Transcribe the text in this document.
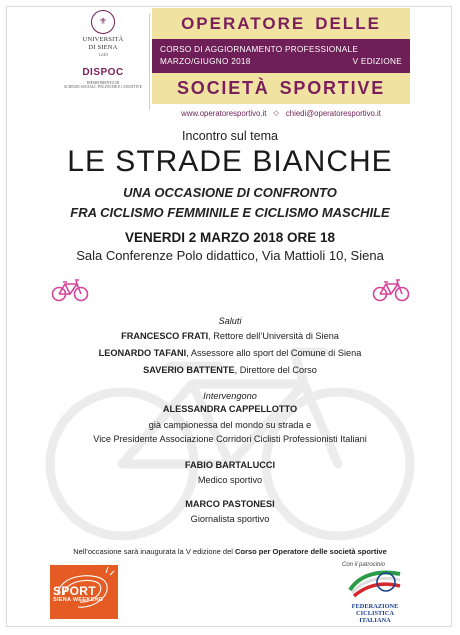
⚜
UNIVERSITÀ
DI SIENA
1240
DISPOC
DIPARTIMENTO DI
SCIENZE SOCIALI, POLITICHE E COGNITIVE
OPERATORE DELLE
CORSO DI AGGIORNAMENTO PROFESSIONALE
MARZO/GIUGNO 2018	V EDIZIONE
SOCIETÀ SPORTIVE
www.operatoresportivo.it ◇ chiedi@operatoresportivo.it
Incontro sul tema
LE STRADE BIANCHE
UNA OCCASIONE DI CONFRONTO
FRA CICLISMO FEMMINILE E CICLISMO MASCHILE
VENERDI 2 MARZO 2018 ORE 18
Sala Conferenze Polo didattico, Via Mattioli 10, Siena
Saluti
FRANCESCO FRATI, Rettore dell’Università di Siena
LEONARDO TAFANI, Assessore allo sport del Comune di Siena
SAVERIO BATTENTE, Direttore del Corso
Intervengono
ALESSANDRA CAPPELLOTTO
già campionessa del mondo su strada e
Vice Presidente Associazione Corridori Ciclisti Professionisti Italiani
FABIO BARTALUCCI
Medico sportivo
MARCO PASTONESI
Giornalista sportivo
Nell’occasione sarà inaugurata la V edizione del Corso per Operatore delle società sportive
SPORT
SIENA WEEKEND
Con il patrocinio
FEDERAZIONE CICLISTICA
ITALIANA
